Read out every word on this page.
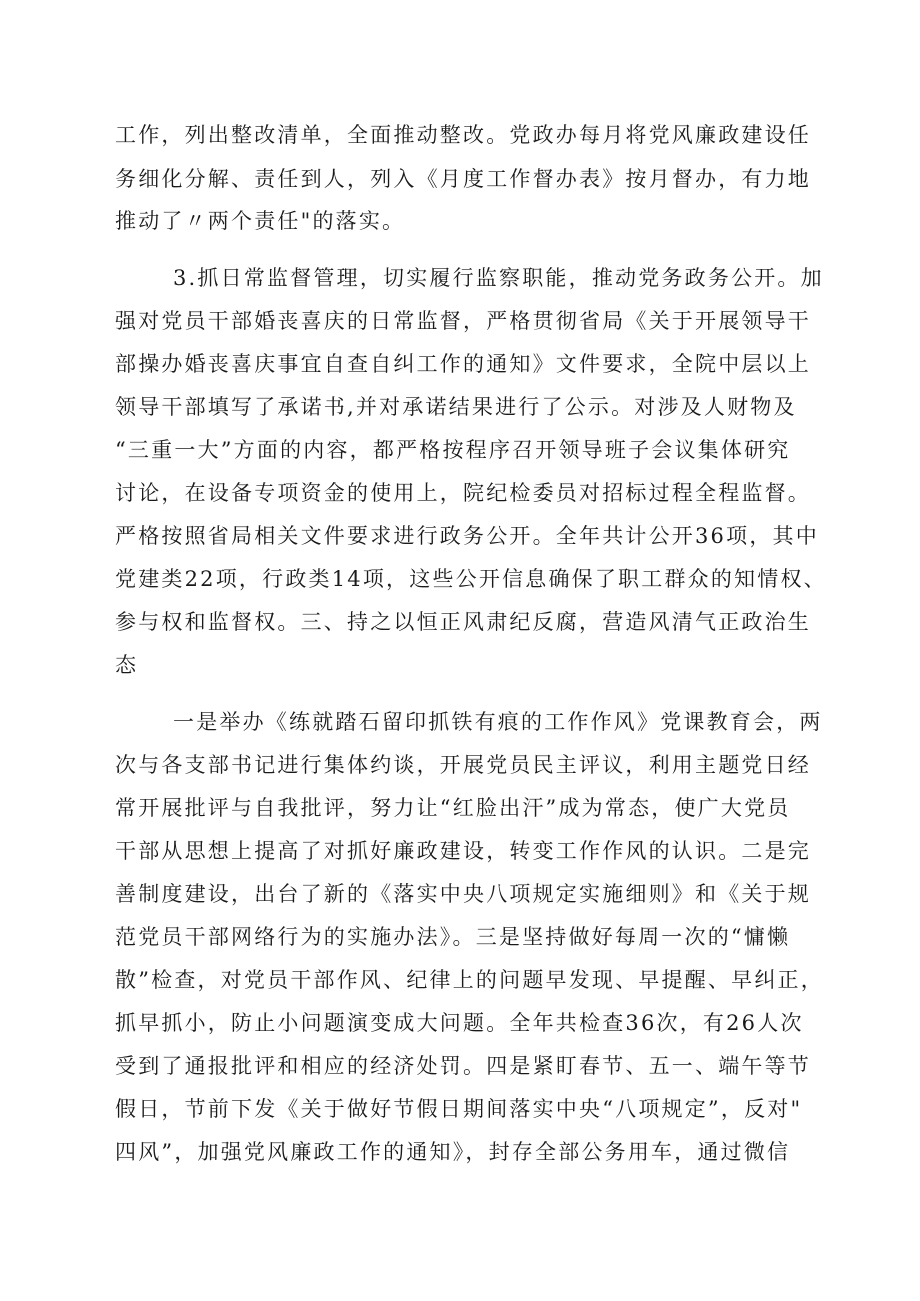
工作，列出整改清单，全面推动整改。党政办每月将党风廉政建设任
务细化分解、责任到人，列入《月度工作督办表》按月督办，有力地
推动了〃两个责任"的落实。
3.抓日常监督管理，切实履行监察职能，推动党务政务公开。加
强对党员干部婚丧喜庆的日常监督，严格贯彻省局《关于开展领导干
部操办婚丧喜庆事宜自查自纠工作的通知》文件要求，全院中层以上
领导干部填写了承诺书,并对承诺结果进行了公示。对涉及人财物及
“三重一大”方面的内容，都严格按程序召开领导班子会议集体研究
讨论，在设备专项资金的使用上，院纪检委员对招标过程全程监督。
严格按照省局相关文件要求进行政务公开。全年共计公开36项，其中
党建类22项，行政类14项，这些公开信息确保了职工群众的知情权、
参与权和监督权。三、持之以恒正风肃纪反腐，营造风清气正政治生
态
一是举办《练就踏石留印抓铁有痕的工作作风》党课教育会，两
次与各支部书记进行集体约谈，开展党员民主评议，利用主题党日经
常开展批评与自我批评，努力让“红脸出汗”成为常态，使广大党员
干部从思想上提高了对抓好廉政建设，转变工作作风的认识。二是完
善制度建设，出台了新的《落实中央八项规定实施细则》和《关于规
范党员干部网络行为的实施办法》。三是坚持做好每周一次的“慵懒
散”检查，对党员干部作风、纪律上的问题早发现、早提醒、早纠正，
抓早抓小，防止小问题演变成大问题。全年共检查36次，有26人次
受到了通报批评和相应的经济处罚。四是紧盯春节、五一、端午等节
假日，节前下发《关于做好节假日期间落实中央“八项规定”，反对"
四风”，加强党风廉政工作的通知》，封存全部公务用车，通过微信
